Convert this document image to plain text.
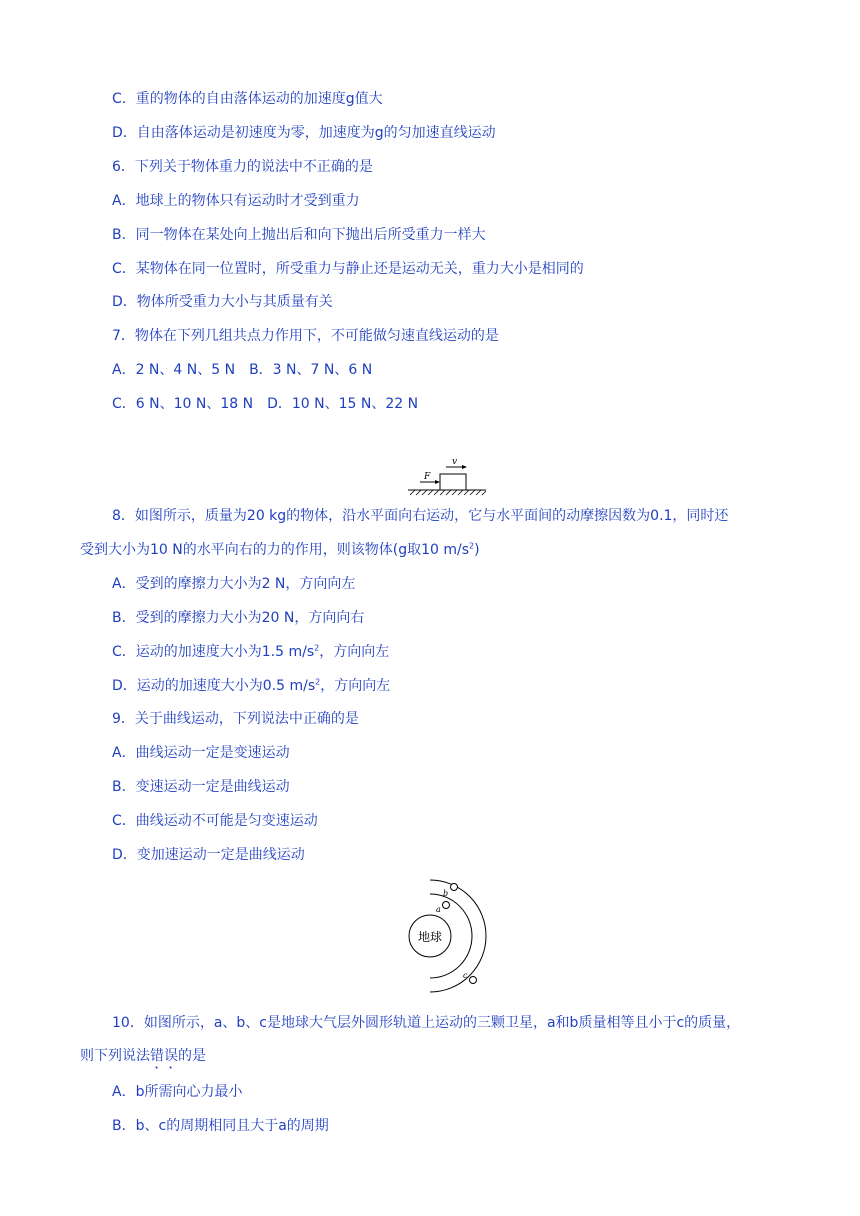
C．重的物体的自由落体运动的加速度g值大
D．自由落体运动是初速度为零，加速度为g的匀加速直线运动
6．下列关于物体重力的说法中不正确的是
A．地球上的物体只有运动时才受到重力
B．同一物体在某处向上抛出后和向下抛出后所受重力一样大
C．某物体在同一位置时，所受重力与静止还是运动无关，重力大小是相同的
D．物体所受重力大小与其质量有关
7．物体在下列几组共点力作用下，不可能做匀速直线运动的是
A．2 N、4 N、5 N　B．3 N、7 N、6 N
C．6 N、10 N、18 N　D．10 N、15 N、22 N
F
v
8．如图所示，质量为20 kg的物体，沿水平面向右运动，它与水平面间的动摩擦因数为0.1，同时还
受到大小为10 N的水平向右的力的作用，则该物体(g取10 $m/s^2$)
A．受到的摩擦力大小为2 N，方向向左
B．受到的摩擦力大小为20 N，方向向右
C．运动的加速度大小为1.5 $m/s^2$，方向向左
D．运动的加速度大小为0.5 $m/s^2$，方向向左
9．关于曲线运动，下列说法中正确的是
A．曲线运动一定是变速运动
B．变速运动一定是曲线运动
C．曲线运动不可能是匀变速运动
D．变加速运动一定是曲线运动
地球
a
b
c
10．如图所示，a、b、c是地球大气层外圆形轨道上运动的三颗卫星，a和b质量相等且小于c的质量，
则下列说法错误的是
A．b所需向心力最小
B．b、c的周期相同且大于a的周期
